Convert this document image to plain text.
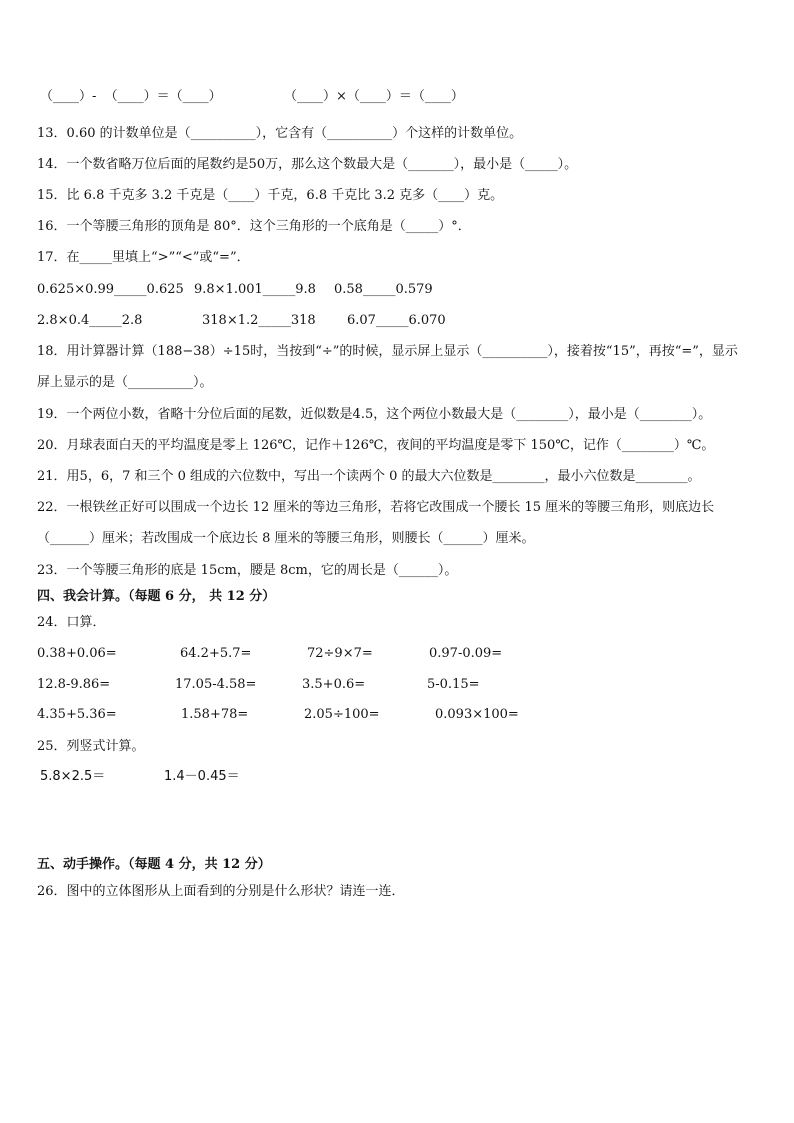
（____）-  （____）＝（____）	（____）×（____）＝（____）
13．0.60 的计数单位是（__________），它含有（__________）个这样的计数单位。
14．一个数省略万位后面的尾数约是50万，那么这个数最大是（_______），最小是（_____）。
15．比 6.8 千克多 3.2 千克是（____）千克，6.8 千克比 3.2 克多（____）克。
16．一个等腰三角形的顶角是 80°．这个三角形的一个底角是（_____）°．
17．在_____里填上“>”“<”或“=”．
0.625×0.99_____0.625 9.8×1.001_____9.8 0.58_____0.579
2.8×0.4_____2.8	318×1.2_____318 6.07_____6.070
18．用计算器计算（188−38）÷15时，当按到“÷”的时候，显示屏上显示（__________），接着按“15”，再按“=”，显示
屏上显示的是（__________）。
19．一个两位小数，省略十分位后面的尾数，近似数是4.5，这个两位小数最大是（________），最小是（________）。
20．月球表面白天的平均温度是零上 126℃，记作＋126℃，夜间的平均温度是零下 150℃，记作（________）℃。
21．用5，6，7 和三个 0 组成的六位数中，写出一个读两个 0 的最大六位数是________，最小六位数是________。
22．一根铁丝正好可以围成一个边长 12 厘米的等边三角形，若将它改围成一个腰长 15 厘米的等腰三角形，则底边长
（______）厘米；若改围成一个底边长 8 厘米的等腰三角形，则腰长（______）厘米。
23．一个等腰三角形的底是 15cm，腰是 8cm，它的周长是（______）。
四、我会计算。（每题 6 分， 共 12 分）
24．口算．
0.38+0.06=	64.2+5.7=	72÷9×7=	0.97-0.09=
12.8-9.86=	17.05-4.58=	3.5+0.6=	5-0.15=
4.35+5.36=	1.58+78=	2.05÷100=	0.093×100=
25．列竖式计算。
5.8×2.5＝	1.4－0.45＝
五、动手操作。（每题 4 分，共 12 分）
26．图中的立体图形从上面看到的分别是什么形状？请连一连．
